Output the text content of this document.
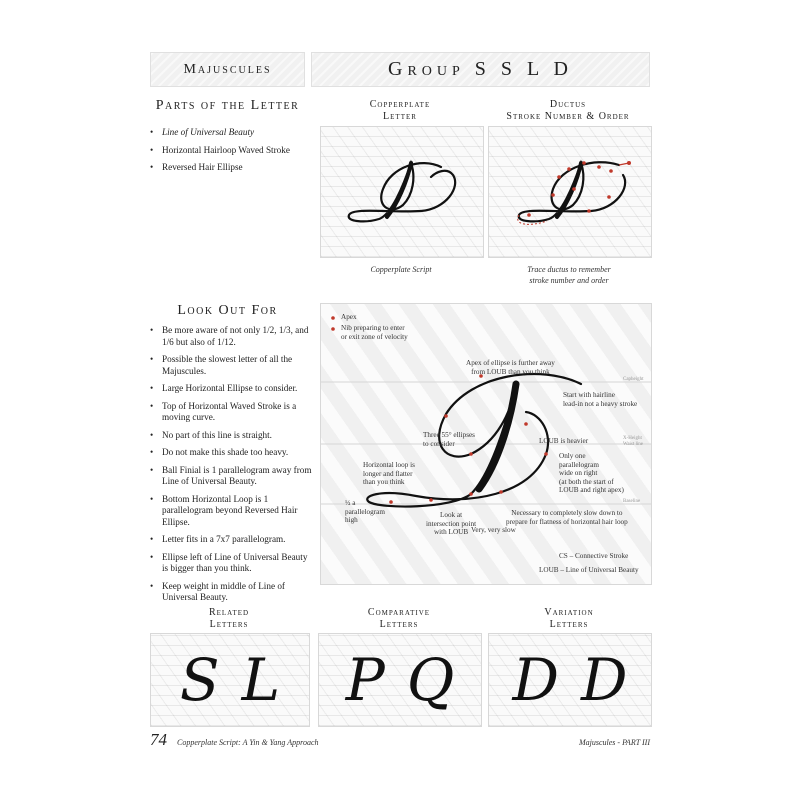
Majuscules	Group S S L D
Parts of the Letter
• Line of Universal Beauty
• Horizontal Hairloop Waved Stroke
• Reversed Hair Ellipse
Copperplate
Letter
Ductus
Stroke Number & Order
Copperplate Script	Trace ductus to remember
stroke number and order
Look Out For
• Be more aware of not only 1/2, 1/3, and 1/6 but also of 1/12.
• Possible the slowest letter of all the Majuscules.
• Large Horizontal Ellipse to consider.
• Top of Horizontal Waved Stroke is a moving curve.
• No part of this line is straight.
• Do not make this shade too heavy.
• Ball Finial is 1 parallelogram away from Line of Universal Beauty.
• Bottom Horizontal Loop is 1 parallelogram beyond Reversed Hair Ellipse.
• Letter fits in a 7x7 parallelogram.
• Ellipse left of Line of Universal Beauty is bigger than you think.
• Keep weight in middle of Line of Universal Beauty.
Apex
Nib preparing to enter
or exit zone of velocity
Apex of ellipse is further away
from LOUB than you think
Start with hairline
lead-in not a heavy stroke
Three 55° ellipses
to consider	LOUB is heavier
Only one
parallelogram
wide on right
(at both the start of
LOUB and right apex)
Horizontal loop is
longer and flatter
than you think
½ a
parallelogram
high
Look at
intersection point
with LOUB
Necessary to completely slow down to
prepare for flatness of horizontal hair loop
Very, very slow
CS – Connective Stroke
LOUB – Line of Universal Beauty
Capheight
X-Height
Waist line
Baseline
Related
Letters
Comparative
Letters
Variation
Letters
S L P Q D D
74 Copperplate Script: A Yin & Yang Approach	Majuscules - PART III
